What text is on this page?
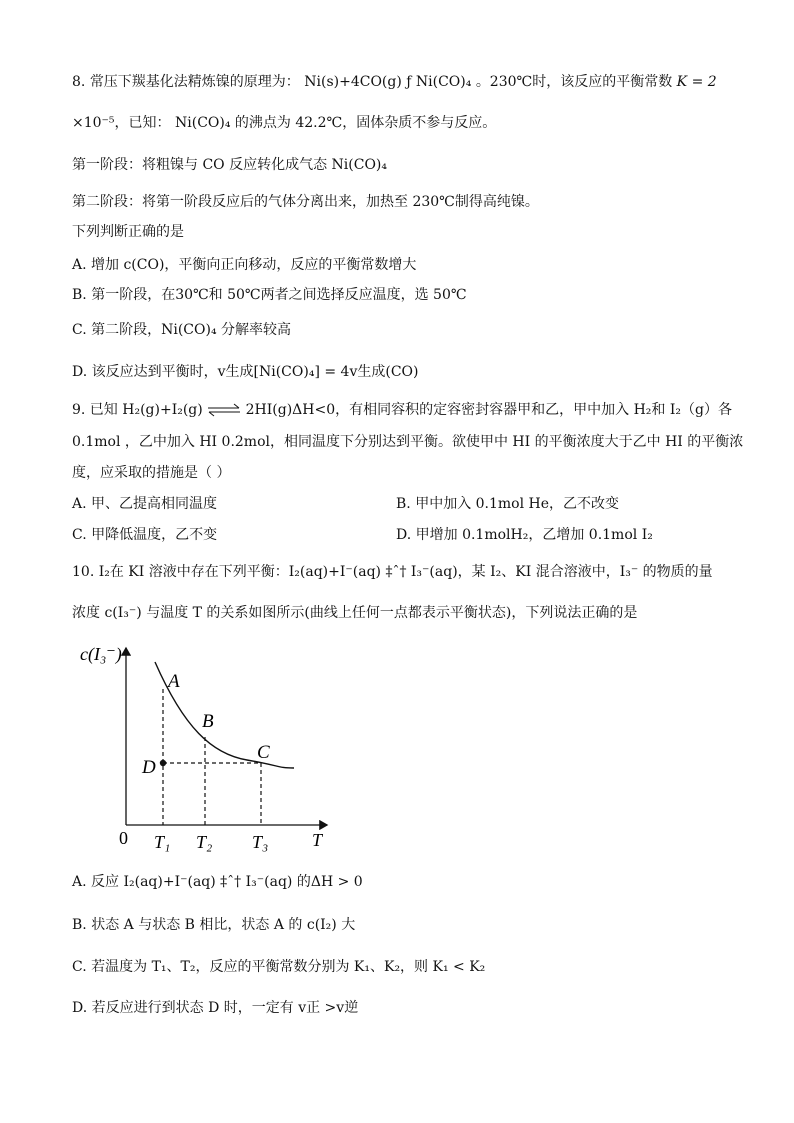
8. 常压下羰基化法精炼镍的原理为： Ni(s)+4CO(g) ƒ Ni(CO)₄ 。230℃时，该反应的平衡常数 K = 2
×10⁻⁵，已知： Ni(CO)₄ 的沸点为 42.2℃，固体杂质不参与反应。
第一阶段：将粗镍与 CO 反应转化成气态 Ni(CO)₄
第二阶段：将第一阶段反应后的气体分离出来，加热至 230℃制得高纯镍。
下列判断正确的是
A. 增加 c(CO)，平衡向正向移动，反应的平衡常数增大
B. 第一阶段，在30℃和 50℃两者之间选择反应温度，选 50℃
C. 第二阶段，Ni(CO)₄ 分解率较高
D. 该反应达到平衡时，v生成[Ni(CO)₄] = 4v生成(CO)
9. 已知 H₂(g)+I₂(g) ⇌ 2HI(g)ΔH<0，有相同容积的定容密封容器甲和乙，甲中加入 H₂和 I₂（g）各
0.1mol ，乙中加入 HI 0.2mol，相同温度下分别达到平衡。欲使甲中 HI 的平衡浓度大于乙中 HI 的平衡浓
度，应采取的措施是（ ）
A. 甲、乙提高相同温度	B. 甲中加入 0.1mol He，乙不改变
C. 甲降低温度，乙不变	D. 甲增加 0.1molH₂，乙增加 0.1mol I₂
10. I₂在 KI 溶液中存在下列平衡：I₂(aq)+I⁻(aq) ‡ˆ† I₃⁻(aq)，某 I₂、KI 混合溶液中，I₃⁻ 的物质的量
浓度 c(I₃⁻) 与温度 T 的关系如图所示(曲线上任何一点都表示平衡状态)，下列说法正确的是
c(I₃⁻)
T
0 T₁ T₂ T₃
A
B
C
D
A. 反应 I₂(aq)+I⁻(aq) ‡ˆ† I₃⁻(aq) 的ΔH > 0
B. 状态 A 与状态 B 相比，状态 A 的 c(I₂) 大
C. 若温度为 T₁、T₂，反应的平衡常数分别为 K₁、K₂，则 K₁ < K₂
D. 若反应进行到状态 D 时，一定有 v正 >v逆
